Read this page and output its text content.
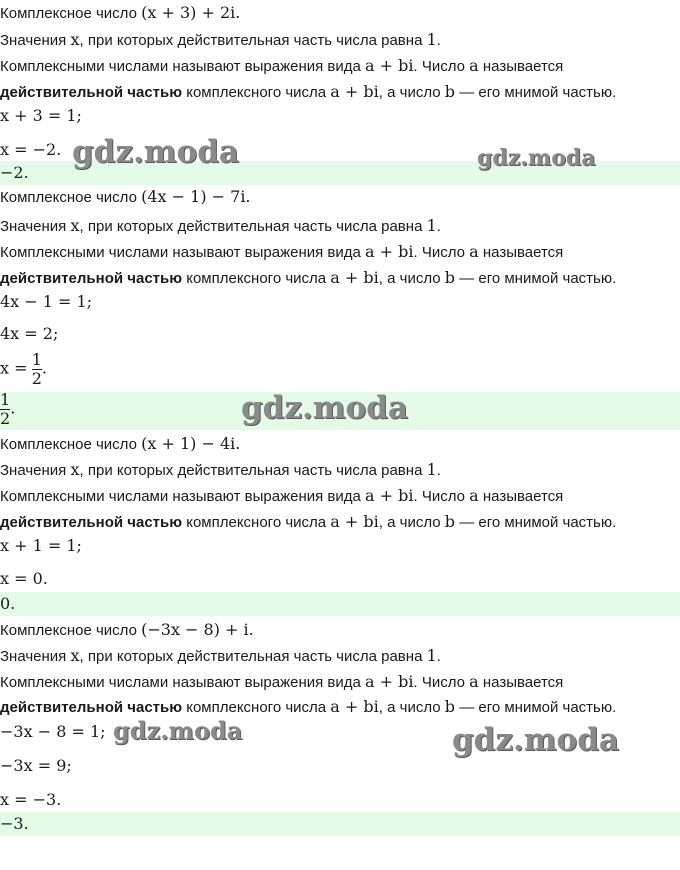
Комплексное число (x + 3) + 2i.
Значения x, при которых действительная часть числа равна 1.
Комплексными числами называют выражения вида a + bi. Число a называется
действительной частью комплексного числа a + bi, а число b — его мнимой частью.
x + 3 = 1;
x = −2.
−2.
Комплексное число (4x − 1) − 7i.
Значения x, при которых действительная часть числа равна 1.
Комплексными числами называют выражения вида a + bi. Число a называется
действительной частью комплексного числа a + bi, а число b — его мнимой частью.
4x − 1 = 1;
4x = 2;
$x = \frac{1}{2}$ .
$\frac{1}{2}$ .
Комплексное число (x + 1) − 4i.
Значения x, при которых действительная часть числа равна 1.
Комплексными числами называют выражения вида a + bi. Число a называется
действительной частью комплексного числа a + bi, а число b — его мнимой частью.
x + 1 = 1;
x = 0.
0.
Комплексное число (−3x − 8) + i.
Значения x, при которых действительная часть числа равна 1.
Комплексными числами называют выражения вида a + bi. Число a называется
действительной частью комплексного числа a + bi, а число b — его мнимой частью.
−3x − 8 = 1;
−3x = 9;
x = −3.
−3.
gdz.moda	gdz.moda
gdz.moda
gdz.moda	gdz.moda
